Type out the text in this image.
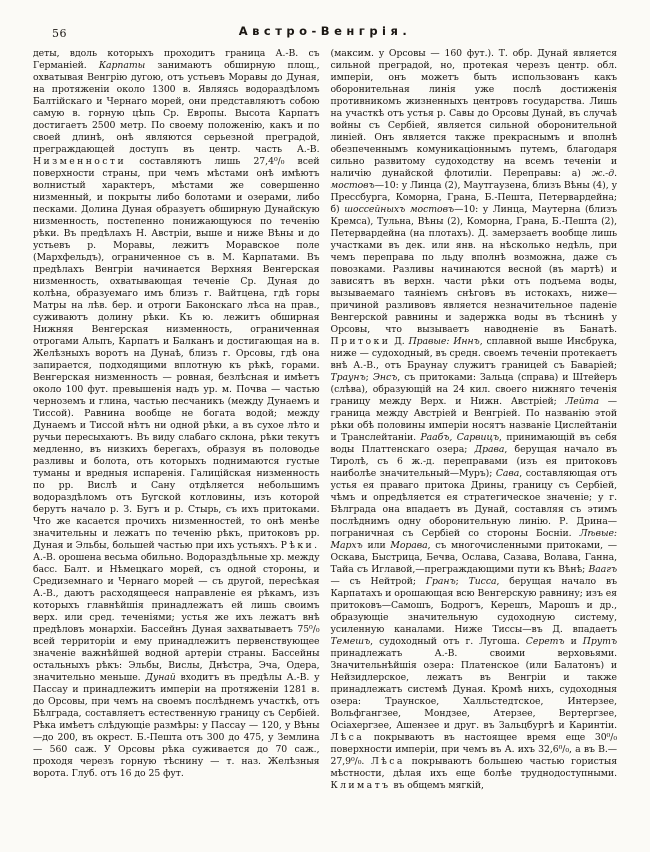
56	Австро-Венгрія.
деты, вдоль которыхъ проходитъ граница А.-В. съ Германіей. Карпаты занимаютъ обширную площ., охватывая Венгрію дугою, отъ устьевъ Моравы до Дуная, на протяженіи около 1300 в. Являясь водораздѣломъ Балтійскаго и Чернаго морей, они представляютъ собою самую в. горную цѣпь Ср. Европы. Высота Карпатъ достигаетъ 2500 метр. По своему положенію, какъ и по своей длинѣ, онѣ являются серьезной преградой, преграждающей доступъ въ центр. часть А.-В. Низменности составляютъ лишь 27,4⁰/₀ всей поверхности страны, при чемъ мѣстами онѣ имѣютъ волнистый характеръ, мѣстами же совершенно низменный, и покрыты либо болотами и озерами, либо песками. Долина Дуная образуетъ обширную Дунайскую низменность, постепенно понижающуюся по теченію рѣки. Въ предѣлахъ Н. Австріи, выше и ниже Вѣны и до устьевъ р. Моравы, лежитъ Моравское поле (Мархфельдъ), ограниченное съ в. М. Карпатами. Въ предѣлахъ Венгріи начинается Верхняя Венгерская низменность, охватывающая теченіе Ср. Дуная до колѣна, образуемаго имъ близъ г. Вайтцена, гдѣ горы Матры на лѣв. бер. и отроги Баконскаго лѣса на прав., суживаютъ долину рѣки. Къ ю. лежитъ обширная Нижняя Венгерская низменность, ограниченная отрогами Альпъ, Карпатъ и Балканъ и достигающая на в. Желѣзныхъ воротъ на Дунаѣ, близъ г. Орсовы, гдѣ она запирается, подходящими вплотную къ рѣкѣ, горами. Венгерская низменность — ровная, безлѣсная и имѣетъ около 100 фут. превышенія надъ ур. м. Почва — частью черноземъ и глина, частью песчаникъ (между Дунаемъ и Тиссой). Равнина вообще не богата водой; между Дунаемъ и Тиссой нѣтъ ни одной рѣки, а въ сухое лѣто и ручьи пересыхаютъ. Въ виду слабаго склона, рѣки текутъ медленно, въ низкихъ берегахъ, образуя въ половодье разливы и болота, отъ которыхъ поднимаются густые туманы и вредныя испаренія. Галиційская низменность по рр. Вислѣ и Сану отдѣляется небольшимъ водораздѣломъ отъ Бугской котловины, изъ которой берутъ начало р. З. Бугъ и р. Стырь, съ ихъ притоками. Что же касается прочихъ низменностей, то онѣ менѣе значительны и лежатъ по теченію рѣкъ, притоковъ рр. Дуная и Эльбы, большей частью при ихъ устьяхъ. Рѣки. А.-В. орошена весьма обильно. Водораздѣльные хр. между басс. Балт. и Нѣмецкаго морей, съ одной стороны, и Средиземнаго и Чернаго морей — съ другой, пересѣкая А.-В., даютъ расходящееся направленіе ея рѣкамъ, изъ которыхъ главнѣйшія принадлежатъ ей лишь своимъ верх. или сред. теченіями; устья же ихъ лежатъ внѣ предѣловъ монархіи. Бассейнъ Дуная захватываетъ 75⁰/₀ всей территоріи и ему принадлежитъ первенствующее значеніе важнѣйшей водной артеріи страны. Бассейны остальныхъ рѣкъ: Эльбы, Вислы, Днѣстра, Эча, Одера, значительно меньше. Дунай входитъ въ предѣлы А.-В. у Пассау и принадлежитъ имперіи на протяженіи 1281 в. до Орсовы, при чемъ на своемъ послѣднемъ участкѣ, отъ Бѣлграда, составляетъ естественную границу съ Сербіей. Рѣка имѣетъ слѣдующіе размѣры: у Пассау — 120, у Вѣны—до 200, въ окрест. Б.-Пешта отъ 300 до 475, у Землина — 560 саж. У Орсовы рѣка суживается до 70 саж., проходя черезъ горную тѣснину — т. наз. Желѣзныя ворота. Глуб. отъ 16 до 25 фут.
(максим. у Орсовы — 160 фут.). Т. обр. Дунай является сильной преградой, но, протекая черезъ центр. обл. имперіи, онъ можетъ быть использованъ какъ оборонительная линія уже послѣ достиженія противникомъ жизненныхъ центровъ государства. Лишь на участкѣ отъ устья р. Савы до Орсовы Дунай, въ случаѣ войны съ Сербіей, является сильной оборонительной линіей. Онъ является также прекраснымъ и вполнѣ обезпеченнымъ комуникаціоннымъ путемъ, благодаря сильно развитому судоходству на всемъ теченіи и наличію дунайской флотиліи. Переправы: а) ж.-д. мостовъ—10: у Линца (2), Маутгаузена, близъ Вѣны (4), у Прессбурга, Коморна, Грана, Б.-Пешта, Петервардейна; б) шоссейныхъ мостовъ—10: у Линца, Маутерна (близъ Кремса), Тульна, Вѣны (2), Коморна, Грана, Б.-Пешта (2), Петервардейна (на плотахъ). Д. замерзаетъ вообще лишь участками въ дек. или янв. на нѣсколько недѣль, при чемъ переправа по льду вполнѣ возможна, даже съ повозками. Разливы начинаются весной (въ мартѣ) и зависятъ въ верхн. части рѣки отъ подъема воды, вызываемаго таяніемъ снѣговъ въ истокахъ, ниже—причиной разливовъ является незначительное паденіе Венгерской равнины и задержка воды въ тѣснинѣ у Орсовы, что вызываетъ наводненіе въ Банатѣ. Притоки Д. Правые: Иннъ, сплавной выше Инсбрука, ниже — судоходный, въ средн. своемъ теченіи протекаетъ внѣ А.-В., отъ Браунау служитъ границей съ Баваріей; Траунъ; Энсъ, съ притоками: Зальца (справа) и Штейеръ (слѣва), образующій на 24 кил. своего нижняго теченія границу между Верх. и Нижн. Австріей; Лейта — граница между Австріей и Венгріей. По названію этой рѣки обѣ половины имперіи носятъ названіе Цислейтаніи и Транслейтаніи. Раабъ, Сарвицъ, принимающій въ себя воды Платтенскаго озера; Драва, берущая начало въ Тиролѣ, съ 6 ж.-д. переправами (изъ ея притоковъ наиболѣе значительный—Муръ); Сава, составляющая отъ устья ея праваго притока Дрины, границу съ Сербіей, чѣмъ и опредѣляется ея стратегическое значеніе; у г. Бѣлграда она впадаетъ въ Дунай, составляя съ этимъ послѣднимъ одну оборонительную линію. Р. Дрина—пограничная съ Сербіей со стороны Босніи. Лѣвые: Мархъ или Морава, съ многочисленными притоками, — Оскава, Быстрица, Бечва, Ослава, Сазава, Волава, Ганна, Тайа съ Иглавой,—преграждающими пути къ Вѣнѣ; Ваагъ — съ Нейтрой; Гранъ; Тисса, берущая начало въ Карпатахъ и орошающая всю Венгерскую равнину; изъ ея притоковъ—Самошъ, Бодрогъ, Керешъ, Марошъ и др., образующіе значительную судоходную систему, усиленную каналами. Ниже Тиссы—въ Д. впадаетъ Темешъ, судоходный отъ г. Лугоша. Серетъ и Прутъ принадлежатъ А.-В. своими верховьями. Значительнѣйшія озера: Платенское (или Балатонъ) и Нейзидлерское, лежатъ въ Венгріи и также принадлежатъ системѣ Дуная. Кромѣ нихъ, судоходныя озера: Траунское, Халльстедтское, Интерзее, Вольфгангзее, Мондзее, Атерзее, Вертергзее, Осіахергзее, Ашензее и друг. въ Зальцбургѣ и Каринтіи. Лѣса покрываютъ въ настоящее время еще 30⁰/₀ поверхности имперіи, при чемъ въ А. ихъ 32,6⁰/₀, а въ В.—27,9⁰/₀. Лѣса покрываютъ большею частью гористыя мѣстности, дѣлая ихъ еще болѣе труднодоступными. Климатъ въ общемъ мягкій,
